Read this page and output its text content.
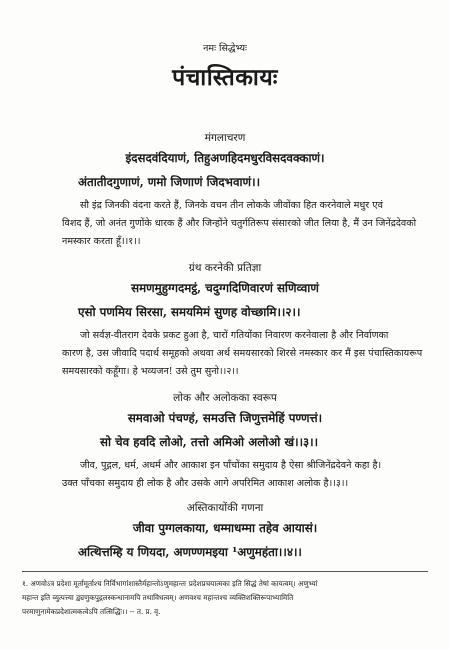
नमः सिद्धेभ्यः
पंचास्तिकायः
मंगलाचरण
इंदसदवंदियाणं, तिहुअणहिदमधुरविसदवक्काणं।
अंतातीदगुणाणं, णमो जिणाणं जिदभवाणं।।
सौ इंद्र जिनकी वंदना करते हैं, जिनके वचन तीन लोकके जीवोंका हित करनेवाले मधुर एवं
विशद हैं, जो अनंत गुणोंके धारक हैं और जिन्होंने चतुर्गतिरूप संसारको जीत लिया है, मैं उन जिनेंद्रदेवको
नमस्कार करता हूँ।।१।।
ग्रंथ करनेकी प्रतिज्ञा
समणमुहुग्गदमट्ठं, चदुग्गदिणिवारणं सणिव्वाणं
एसो पणमिय सिरसा, समयमिमं सुणह वोच्छामि।।२।।
जो सर्वज्ञ-वीतराग देवके प्रकट हुआ है, चारों गतियोंका निवारण करनेवाला है और निर्वाणका
कारण है, उस जीवादि पदार्थ समूहको अथवा अर्थ समयसारको शिरसे नमस्कार कर मैं इस पंचास्तिकायरूप
समयसारको कहूँगा। हे भव्यजन! उसे तुम सुनो।।२।।
लोक और अलोकका स्वरूप
समवाओ पंचण्हं, समउत्ति जिणुत्तमेहिं पण्णत्तं।
सो चेव हवदि लोओ, तत्तो अमिओ अलोओ खं।।३।।
जीव, पुद्गल, धर्म, अधर्म और आकाश इन पाँचोंका समुदाय है ऐसा श्रीजिनेंद्रदेवने कहा है।
उक्त पाँचका समुदाय ही लोक है और उसके आगे अपरिमित आकाश अलोक है।।३।।
अस्तिकायोंकी गणना
जीवा पुग्गलकाया, धम्माधम्मा तहेव आयासं।
अत्थित्तम्हि य णियदा, अणण्णमइया ¹अणुमहंता।।४।।
१. अणवोऽत्र प्रदेशा मूर्तामूर्ताश्च निर्विभागांशास्तैर्महान्तोऽणुमहान्तः प्रदेशप्रचयात्मका इति सिद्धं तेषां कायत्वम्। अणुभ्यां
महान्त इति व्युत्पत्त्या द्व्यणुकपुद्गलस्कन्धानामपि तथाविधत्वम्। अणवश्च महान्तश्च व्यक्तिशक्तिरूपाभ्यामिति
परमाणुनामेकप्रदेशात्मकत्वेऽपि तत्सिद्धिः।। -- त. प्र. वृ.
